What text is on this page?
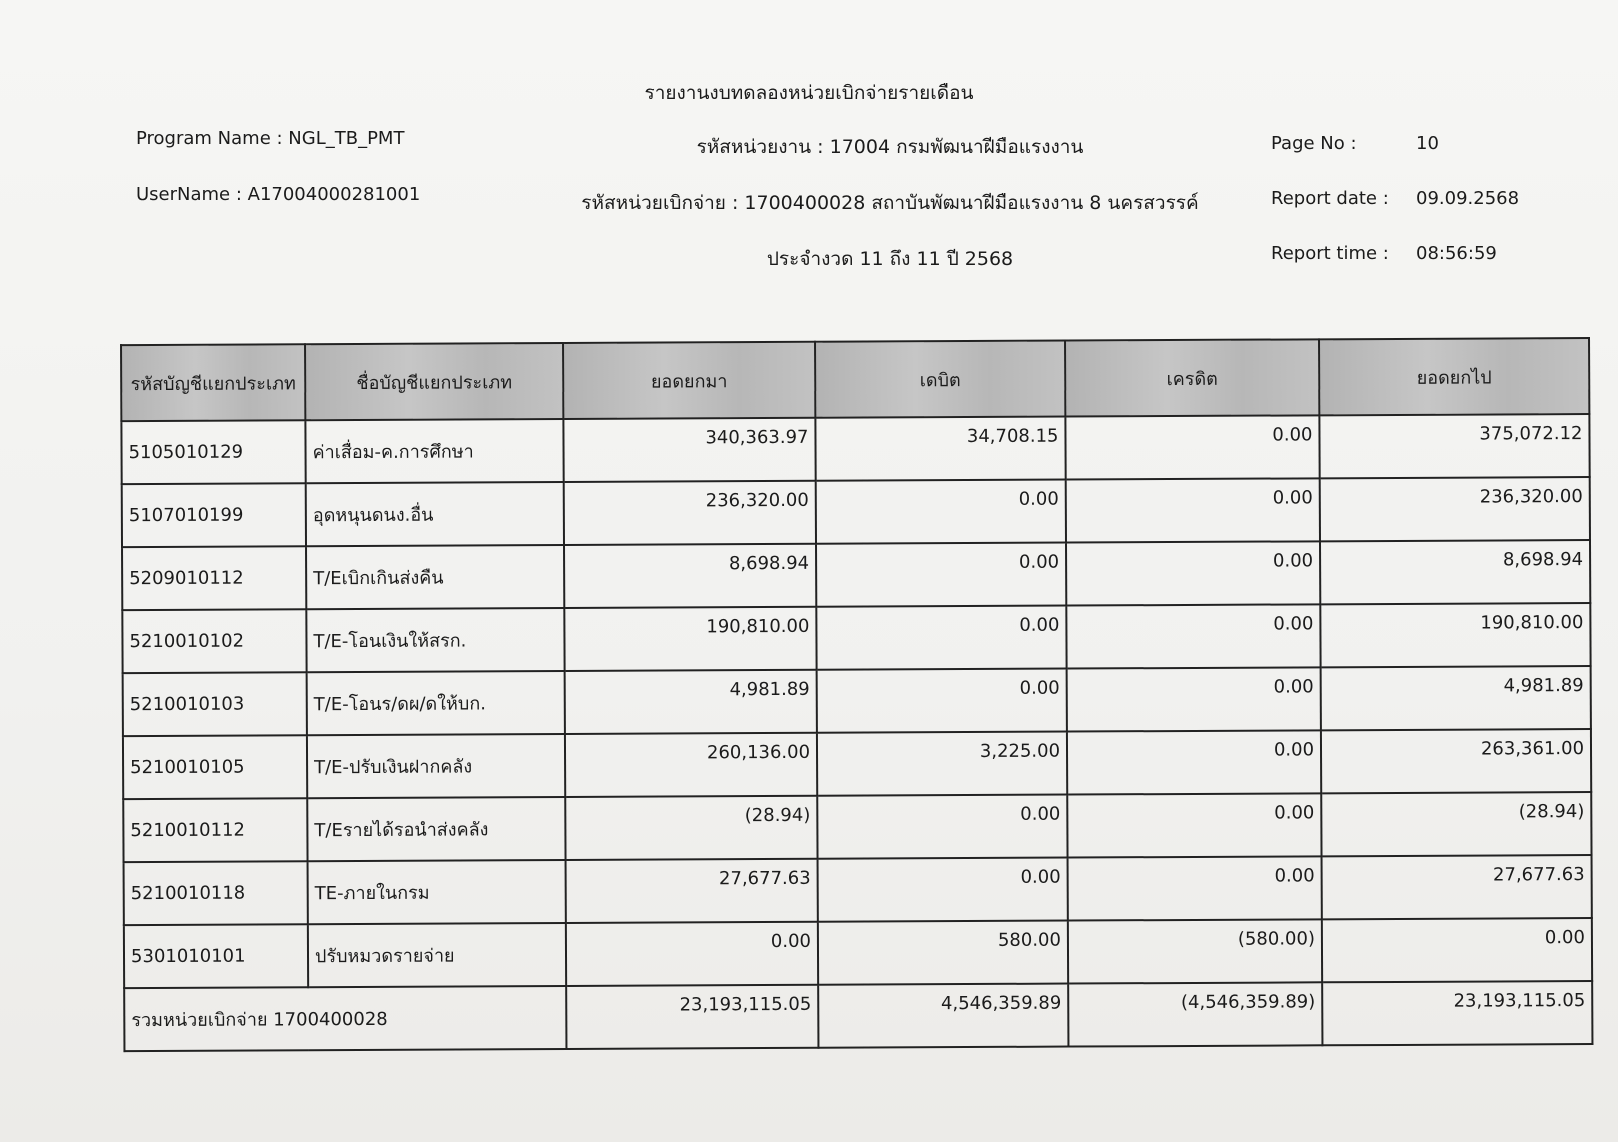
รายงานงบทดลองหน่วยเบิกจ่ายรายเดือน
Program Name : NGL_TB_PMT	รหัสหน่วยงาน : 17004 กรมพัฒนาฝีมือแรงงาน	Page No :	10
UserName : A17004000281001	รหัสหน่วยเบิกจ่าย : 1700400028 สถาบันพัฒนาฝีมือแรงงาน 8 นครสวรรค์	Report date : 09.09.2568
ประจำงวด 11 ถึง 11 ปี 2568	Report time : 08:56:59
รหัสบัญชีแยกประเภท	ชื่อบัญชีแยกประเภท	ยอดยกมา	เดบิต	เครดิต	ยอดยกไป
5105010129	ค่าเสื่อม-ค.การศึกษา	340,363.97	34,708.15	0.00	375,072.12
5107010199	อุดหนุนดนง.อื่น	236,320.00	0.00	0.00	236,320.00
5209010112	T/Eเบิกเกินส่งคืน	8,698.94	0.00	0.00	8,698.94
5210010102	T/E-โอนเงินให้สรก.	190,810.00	0.00	0.00	190,810.00
5210010103	T/E-โอนร/ดผ/ดให้บก.	4,981.89	0.00	0.00	4,981.89
5210010105	T/E-ปรับเงินฝากคลัง	260,136.00	3,225.00	0.00	263,361.00
5210010112	T/Eรายได้รอนำส่งคลัง	(28.94)	0.00	0.00	(28.94)
5210010118	TE-ภายในกรม	27,677.63	0.00	0.00	27,677.63
5301010101	ปรับหมวดรายจ่าย	0.00	580.00	(580.00)	0.00
รวมหน่วยเบิกจ่าย 1700400028		23,193,115.05	4,546,359.89	(4,546,359.89)	23,193,115.05
